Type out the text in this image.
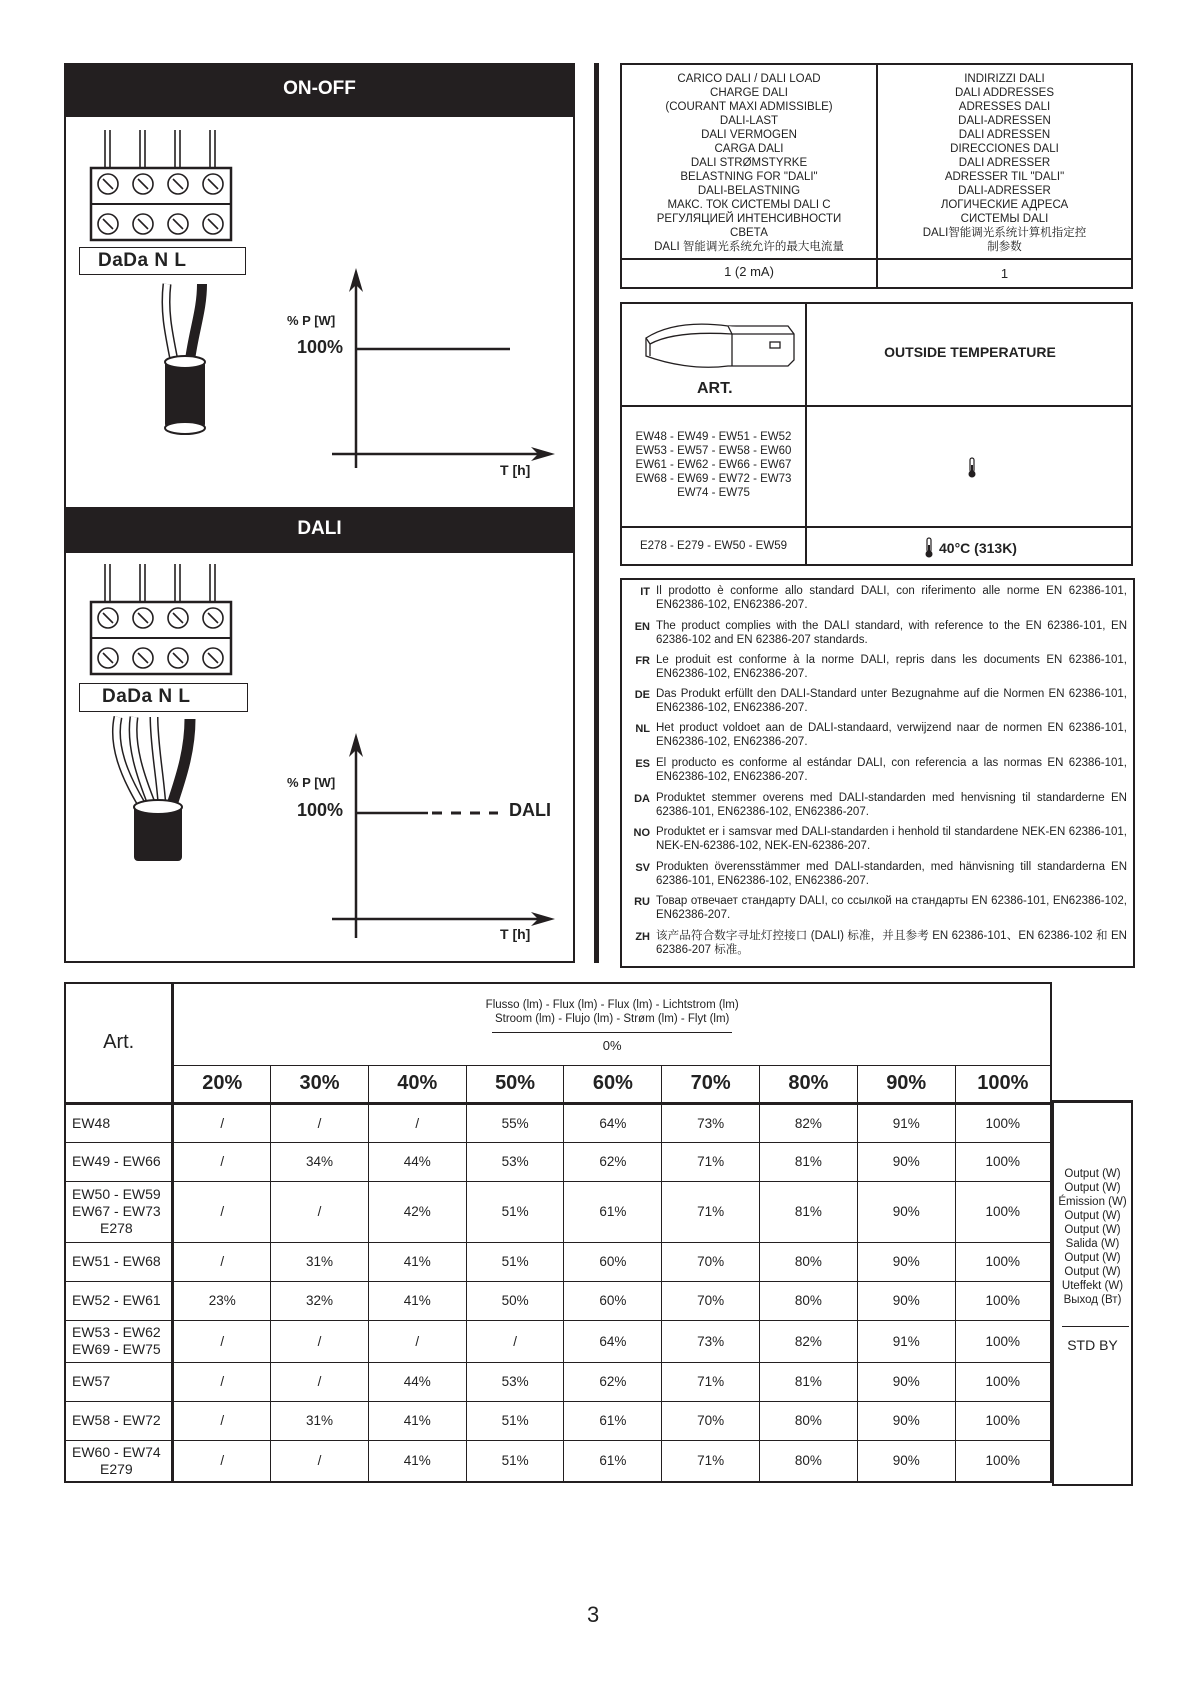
ON-OFF
DaDa N L
% P [W]
100%
T [h]
DALI
DaDa N L
% P [W]
100%	DALI
T [h]
CARICO DALI / DALI LOAD
CHARGE DALI
(COURANT MAXI ADMISSIBLE)
DALI-LAST
DALI VERMOGEN
CARGA DALI
DALI STRØMSTYRKE
BELASTNING FOR "DALI"
DALI-BELASTNING
МАКС. ТОК СИСТЕМЫ DALI С
РЕГУЛЯЦИЕЙ ИНТЕНСИВНОСТИ
СВЕТА
DALI 智能调光系统允许的最大电流量
INDIRIZZI DALI
DALI ADDRESSES
ADRESSES DALI
DALI-ADRESSEN
DALI ADRESSEN
DIRECCIONES DALI
DALI ADRESSER
ADRESSER TIL "DALI"
DALI-ADRESSER
ЛОГИЧЕСКИЕ АДРЕСА
СИСТЕМЫ DALI
DALI智能调光系统计算机指定控
制参数
1 (2 mA)	1
ART.
OUTSIDE TEMPERATURE
EW48 - EW49 - EW51 - EW52
EW53 - EW57 - EW58 - EW60
EW61 - EW62 - EW66 - EW67
EW68 - EW69 - EW72 - EW73
EW74 - EW75
E278 - E279 - EW50 - EW59	40°C (313K)
IT Il prodotto è conforme allo standard DALI, con riferimento alle norme EN 62386-101, EN62386-102, EN62386-207.
EN The product complies with the DALI standard, with reference to the EN 62386-101, EN 62386-102 and EN 62386-207 standards.
FR Le produit est conforme à la norme DALI, repris dans les documents EN 62386-101, EN62386-102, EN62386-207.
DE Das Produkt erfüllt den DALI-Standard unter Bezugnahme auf die Normen EN 62386-101, EN62386-102, EN62386-207.
NL Het product voldoet aan de DALI-standaard, verwijzend naar de normen EN 62386-101, EN62386-102, EN62386-207.
ES El producto es conforme al estándar DALI, con referencia a las normas EN 62386-101, EN62386-102, EN62386-207.
DA Produktet stemmer overens med DALI-standarden med henvisning til standarderne EN 62386-101, EN62386-102, EN62386-207.
NO Produktet er i samsvar med DALI-standarden i henhold til standardene NEK-EN 62386-101, NEK-EN-62386-102, NEK-EN-62386-207.
SV Produkten överensstämmer med DALI-standarden, med hänvisning till standarderna EN 62386-101, EN62386-102, EN62386-207.
RU Товар отвечает стандарту DALI, со ссылкой на стандарты EN 62386-101, EN62386-102, EN62386-207.
ZH 该产品符合数字寻址灯控接口 (DALI) 标准，并且参考 EN 62386-101、EN 62386-102 和 EN 62386-207 标准。
Art.	Flusso (lm) - Flux (lm) - Flux (lm) - Lichtstrom (lm)
Stroom (lm) - Flujo (lm) - Strøm (lm) - Flyt (lm)
0%								

	20%	30%	40%	50%	60%	70%	80%	90%	100%

EW48	/	/	/	55%	64%	73%	82%	91%	100%

EW49 - EW66	/	34%	44%	53%	62%	71%	81%	90%	100%

EW50 - EW59
EW67 - EW73
E278	/	/	42%	51%	61%	71%	81%	90%	100%

EW51 - EW68	/	31%	41%	51%	60%	70%	80%	90%	100%

EW52 - EW61	23%	32%	41%	50%	60%	70%	80%	90%	100%

EW53 - EW62
EW69 - EW75	/	/	/	/	64%	73%	82%	91%	100%

EW57	/	/	44%	53%	62%	71%	81%	90%	100%

EW58 - EW72	/	31%	41%	51%	61%	70%	80%	90%	100%

EW60 - EW74
E279	/	/	41%	51%	61%	71%	80%	90%	100%
Output (W)
Output (W)
Émission (W)
Output (W)
Output (W)
Salida (W)
Output (W)
Output (W)
Uteffekt (W)
Выход (Вт)
STD BY
3
